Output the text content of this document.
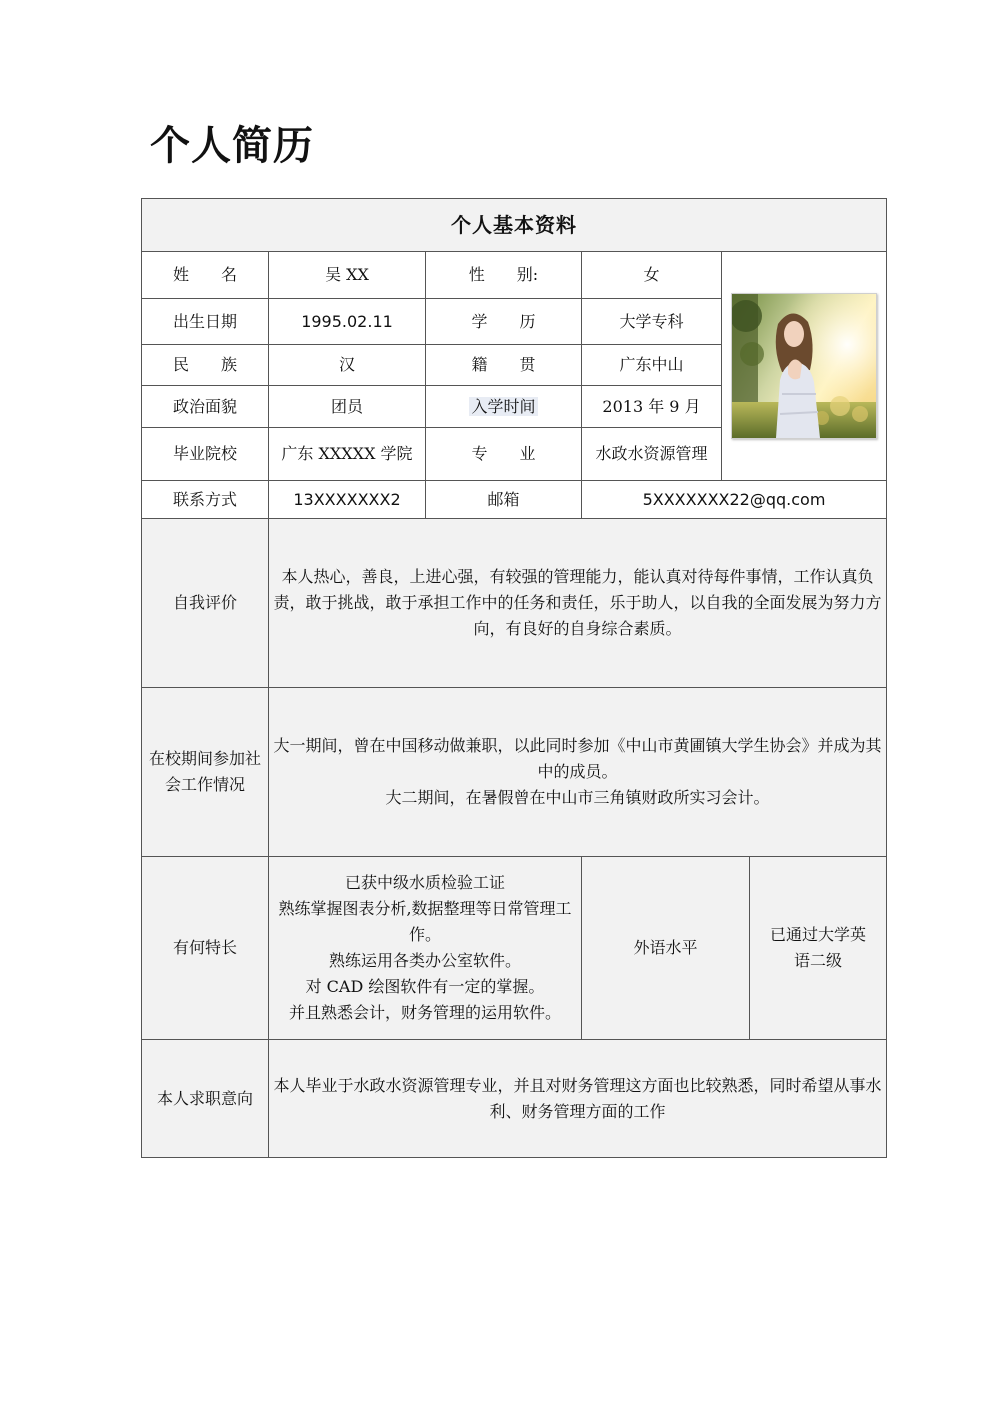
个人简历
个人基本资料					
姓　　名	吴 XX	性　　别:	女	

出生日期	1995.02.11	学　　历	大学专科		
民　　族	汉	籍　　贯	广东中山		
政治面貌	团员	入学时间	2013 年 9 月		
毕业院校	广东 XXXXX 学院	专　　业	水政水资源管理		
联系方式	13XXXXXXX2	邮箱	5XXXXXXX22@qq.com		
自我评价	本人热心，善良，上进心强，有较强的管理能力，能认真对待每件事情，工作认真负责，敢于挑战，敢于承担工作中的任务和责任，乐于助人，以自我的全面发展为努力方向，有良好的自身综合素质。				
在校期间参加社会工作情况	大一期间，曾在中国移动做兼职，以此同时参加《中山市黄圃镇大学生协会》并成为其中的成员。
大二期间，在暑假曾在中山市三角镇财政所实习会计。				

有何特长	已获中级水质检验工证
熟练掌握图表分析,数据整理等日常管理工作。
熟练运用各类办公室软件。
对 CAD 绘图软件有一定的掌握。
并且熟悉会计，财务管理的运用软件。		外语水平		已通过大学英语二级
本人求职意向	本人毕业于水政水资源管理专业，并且对财务管理这方面也比较熟悉，同时希望从事水利、财务管理方面的工作				
